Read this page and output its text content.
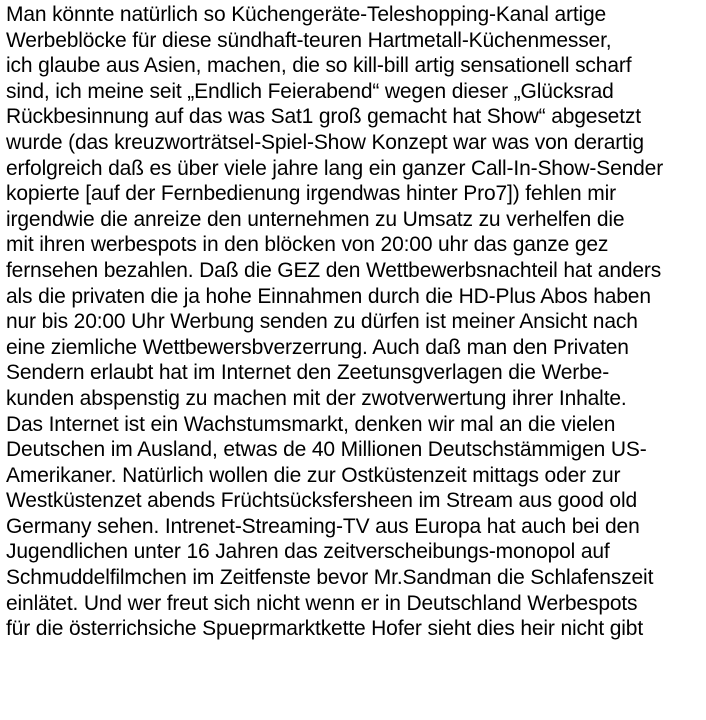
Man könnte natürlich so Küchengeräte-Teleshopping-Kanal artige
Werbeblöcke für diese sündhaft-teuren Hartmetall-Küchenmesser,
ich glaube aus Asien, machen, die so kill-bill artig sensationell scharf
sind, ich meine seit „Endlich Feierabend“ wegen dieser „Glücksrad
Rückbesinnung auf das was Sat1 groß gemacht hat Show“ abgesetzt
wurde (das kreuzworträtsel-Spiel-Show Konzept war was von derartig
erfolgreich daß es über viele jahre lang ein ganzer Call-In-Show-Sender
kopierte [auf der Fernbedienung irgendwas hinter Pro7]) fehlen mir
irgendwie die anreize den unternehmen zu Umsatz zu verhelfen die
mit ihren werbespots in den blöcken von 20:00 uhr das ganze gez
fernsehen bezahlen. Daß die GEZ den Wettbewerbsnachteil hat anders
als die privaten die ja hohe Einnahmen durch die HD-Plus Abos haben
nur bis 20:00 Uhr Werbung senden zu dürfen ist meiner Ansicht nach
eine ziemliche Wettbewersbverzerrung. Auch daß man den Privaten
Sendern erlaubt hat im Internet den Zeetunsgverlagen die Werbe-
kunden abspenstig zu machen mit der zwotverwertung ihrer Inhalte.
Das Internet ist ein Wachstumsmarkt, denken wir mal an die vielen
Deutschen im Ausland, etwas de 40 Millionen Deutschstämmigen US-
Amerikaner. Natürlich wollen die zur Ostküstenzeit mittags oder zur
Westküstenzet abends Früchtsücksfersheen im Stream aus good old
Germany sehen. Intrenet-Streaming-TV aus Europa hat auch bei den
Jugendlichen unter 16 Jahren das zeitverscheibungs-monopol auf
Schmuddelfilmchen im Zeitfenste bevor Mr.Sandman die Schlafenszeit
einlätet. Und wer freut sich nicht wenn er in Deutschland Werbespots
für die österrichsiche Spueprmarktkette Hofer sieht dies heir nicht gibt
